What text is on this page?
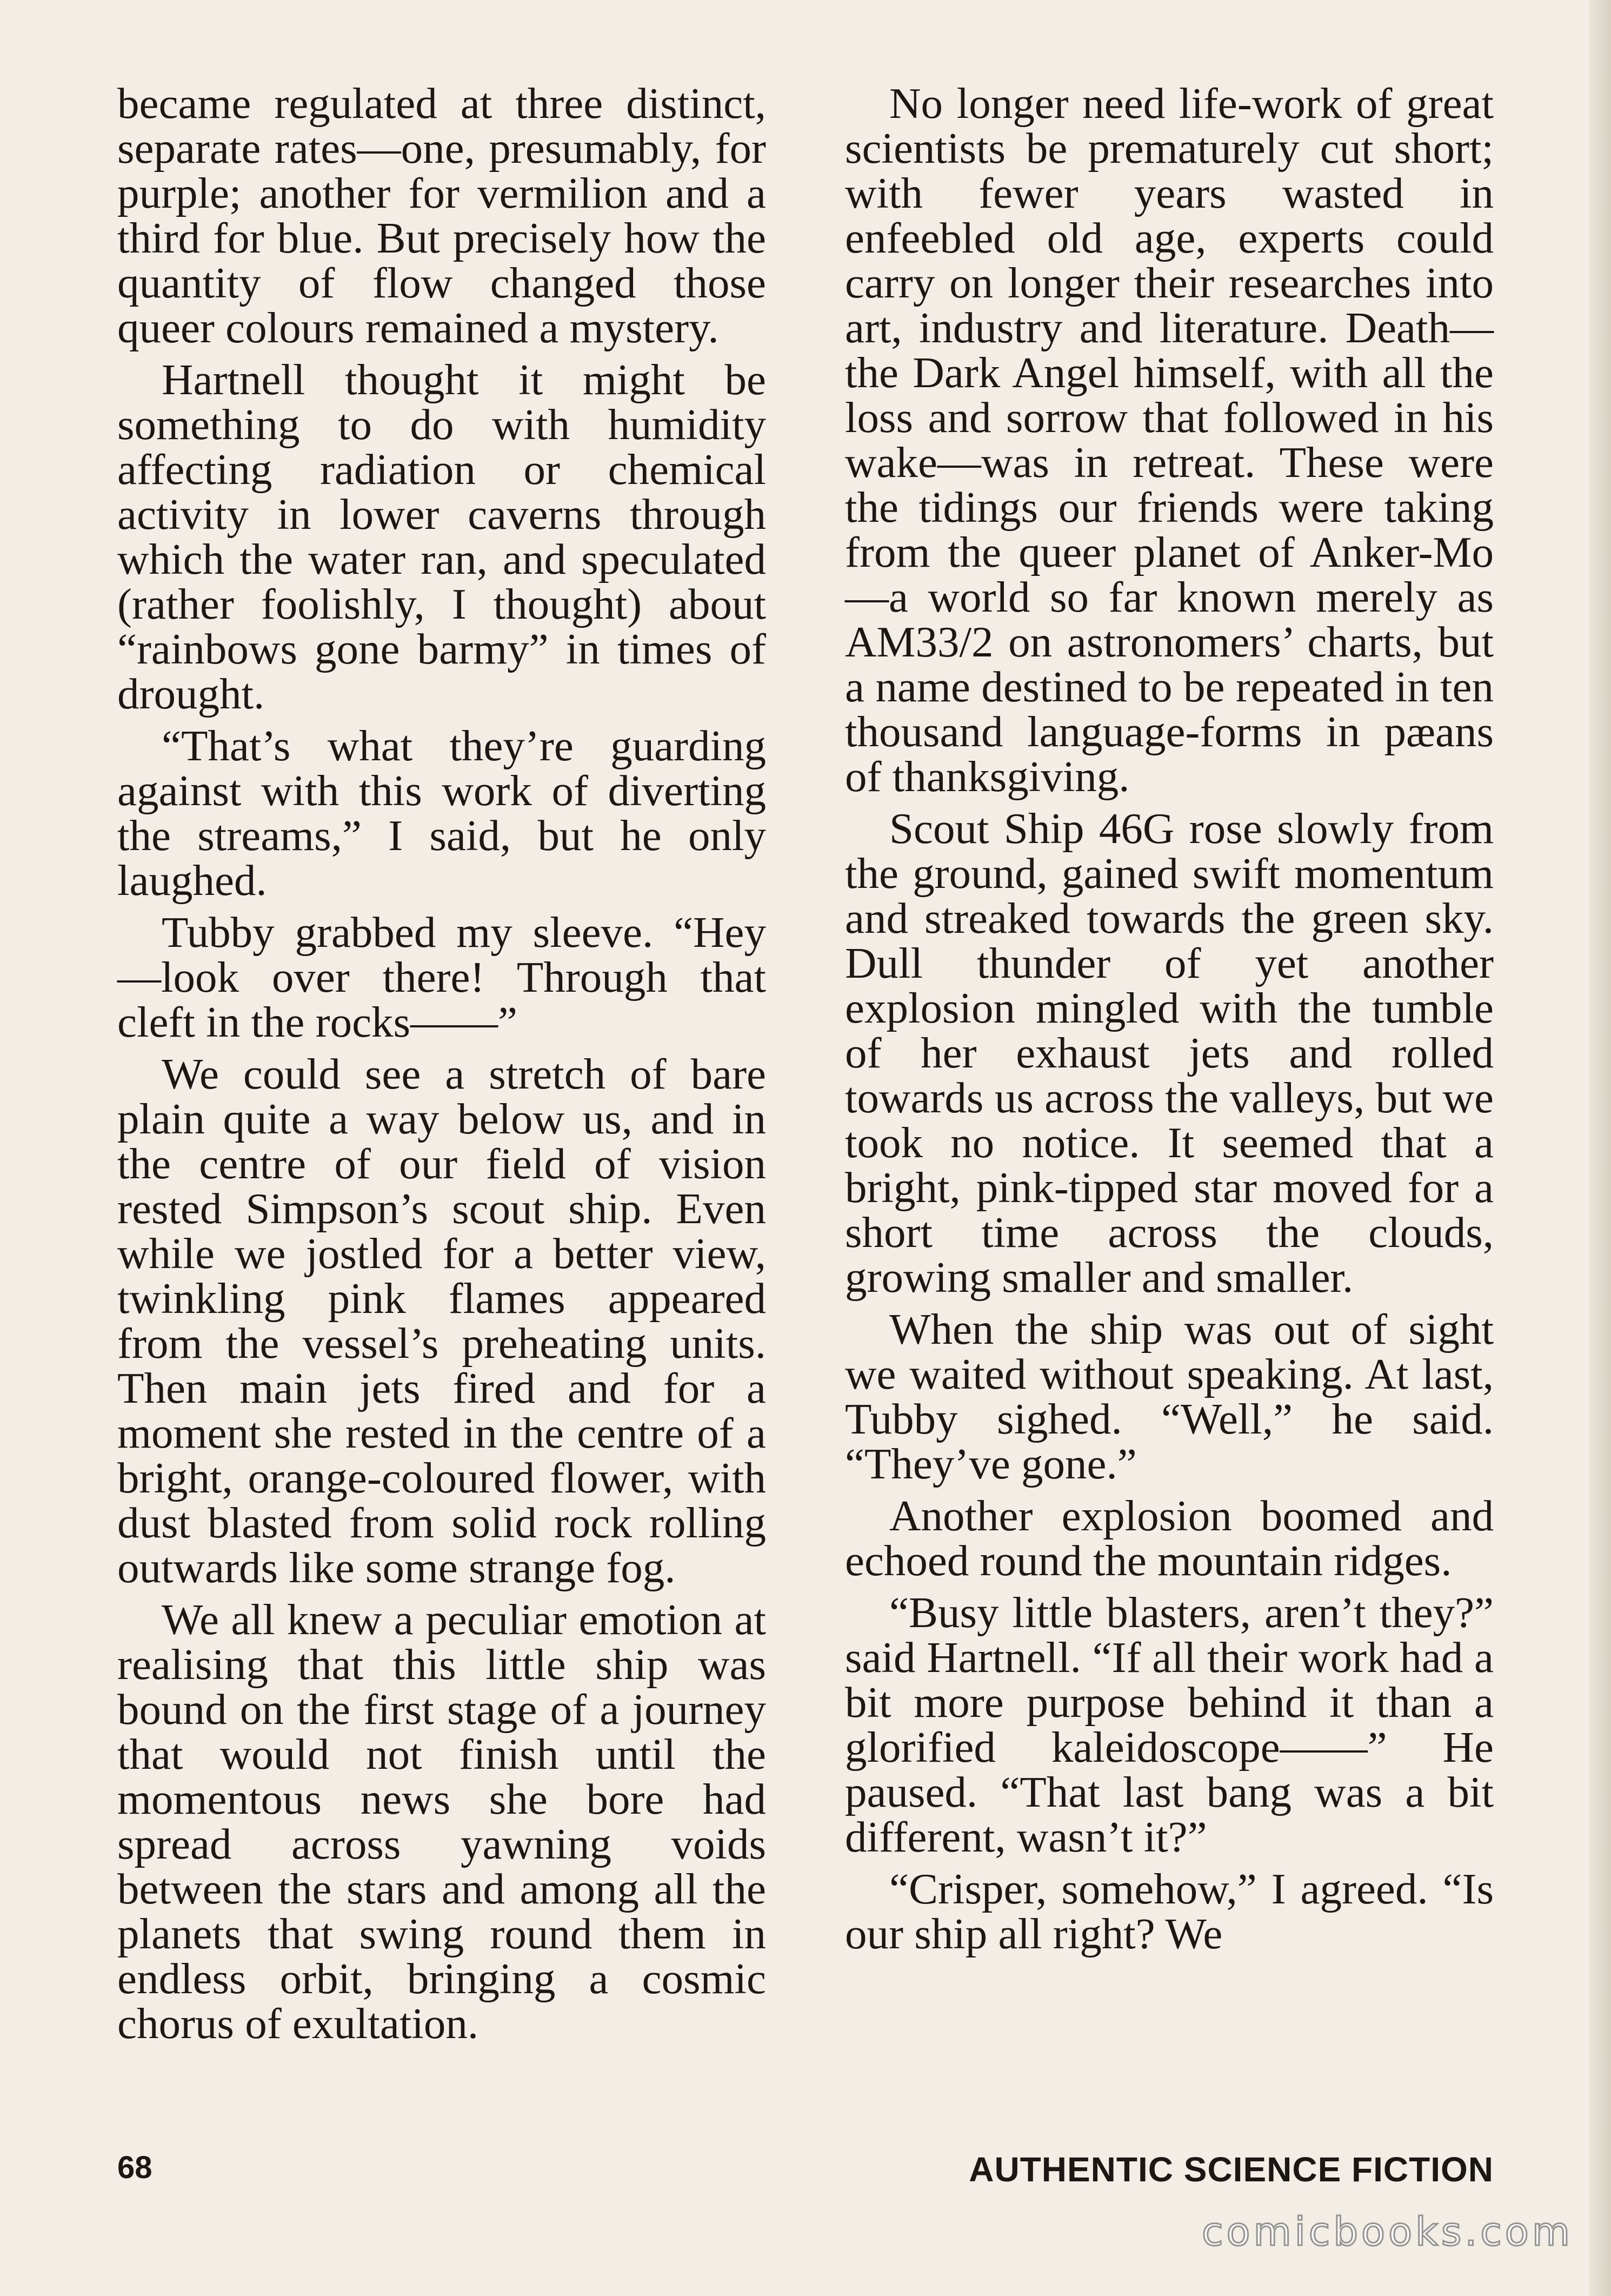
became regulated at three distinct, separate rates—one, presumably, for purple; another for vermilion and a third for blue. But precisely how the quantity of flow changed those queer colours remained a mystery.

Hartnell thought it might be something to do with humidity affecting radiation or chemical activity in lower caverns through which the water ran, and speculated (rather foolishly, I thought) about “rainbows gone barmy” in times of drought.

“That’s what they’re guarding against with this work of diverting the streams,” I said, but he only laughed.

Tubby grabbed my sleeve. “Hey—look over there! Through that cleft in the rocks——”

We could see a stretch of bare plain quite a way below us, and in the centre of our field of vision rested Simpson’s scout ship. Even while we jostled for a better view, twinkling pink flames appeared from the vessel’s preheating units. Then main jets fired and for a moment she rested in the centre of a bright, orange-coloured flower, with dust blasted from solid rock rolling outwards like some strange fog.

We all knew a peculiar emotion at realising that this little ship was bound on the first stage of a journey that would not finish until the momentous news she bore had spread across yawning voids between the stars and among all the planets that swing round them in endless orbit, bringing a cosmic chorus of exultation.

No longer need life-work of great scientists be prematurely cut short; with fewer years wasted in enfeebled old age, experts could carry on longer their researches into art, industry and literature. Death—the Dark Angel himself, with all the loss and sorrow that followed in his wake—was in retreat. These were the tidings our friends were taking from the queer planet of Anker-Mo—a world so far known merely as AM33/2 on astronomers’ charts, but a name destined to be repeated in ten thousand language-forms in pæans of thanksgiving.

Scout Ship 46G rose slowly from the ground, gained swift momentum and streaked towards the green sky. Dull thunder of yet another explosion mingled with the tumble of her exhaust jets and rolled towards us across the valleys, but we took no notice. It seemed that a bright, pink-tipped star moved for a short time across the clouds, growing smaller and smaller.

When the ship was out of sight we waited without speaking. At last, Tubby sighed. “Well,” he said. “They’ve gone.”

Another explosion boomed and echoed round the mountain ridges.

“Busy little blasters, aren’t they?” said Hartnell. “If all their work had a bit more purpose behind it than a glorified kaleidoscope——” He paused. “That last bang was a bit different, wasn’t it?”

“Crisper, somehow,” I agreed. “Is our ship all right? We

68	AUTHENTIC SCIENCE FICTION
comicbooks.com
